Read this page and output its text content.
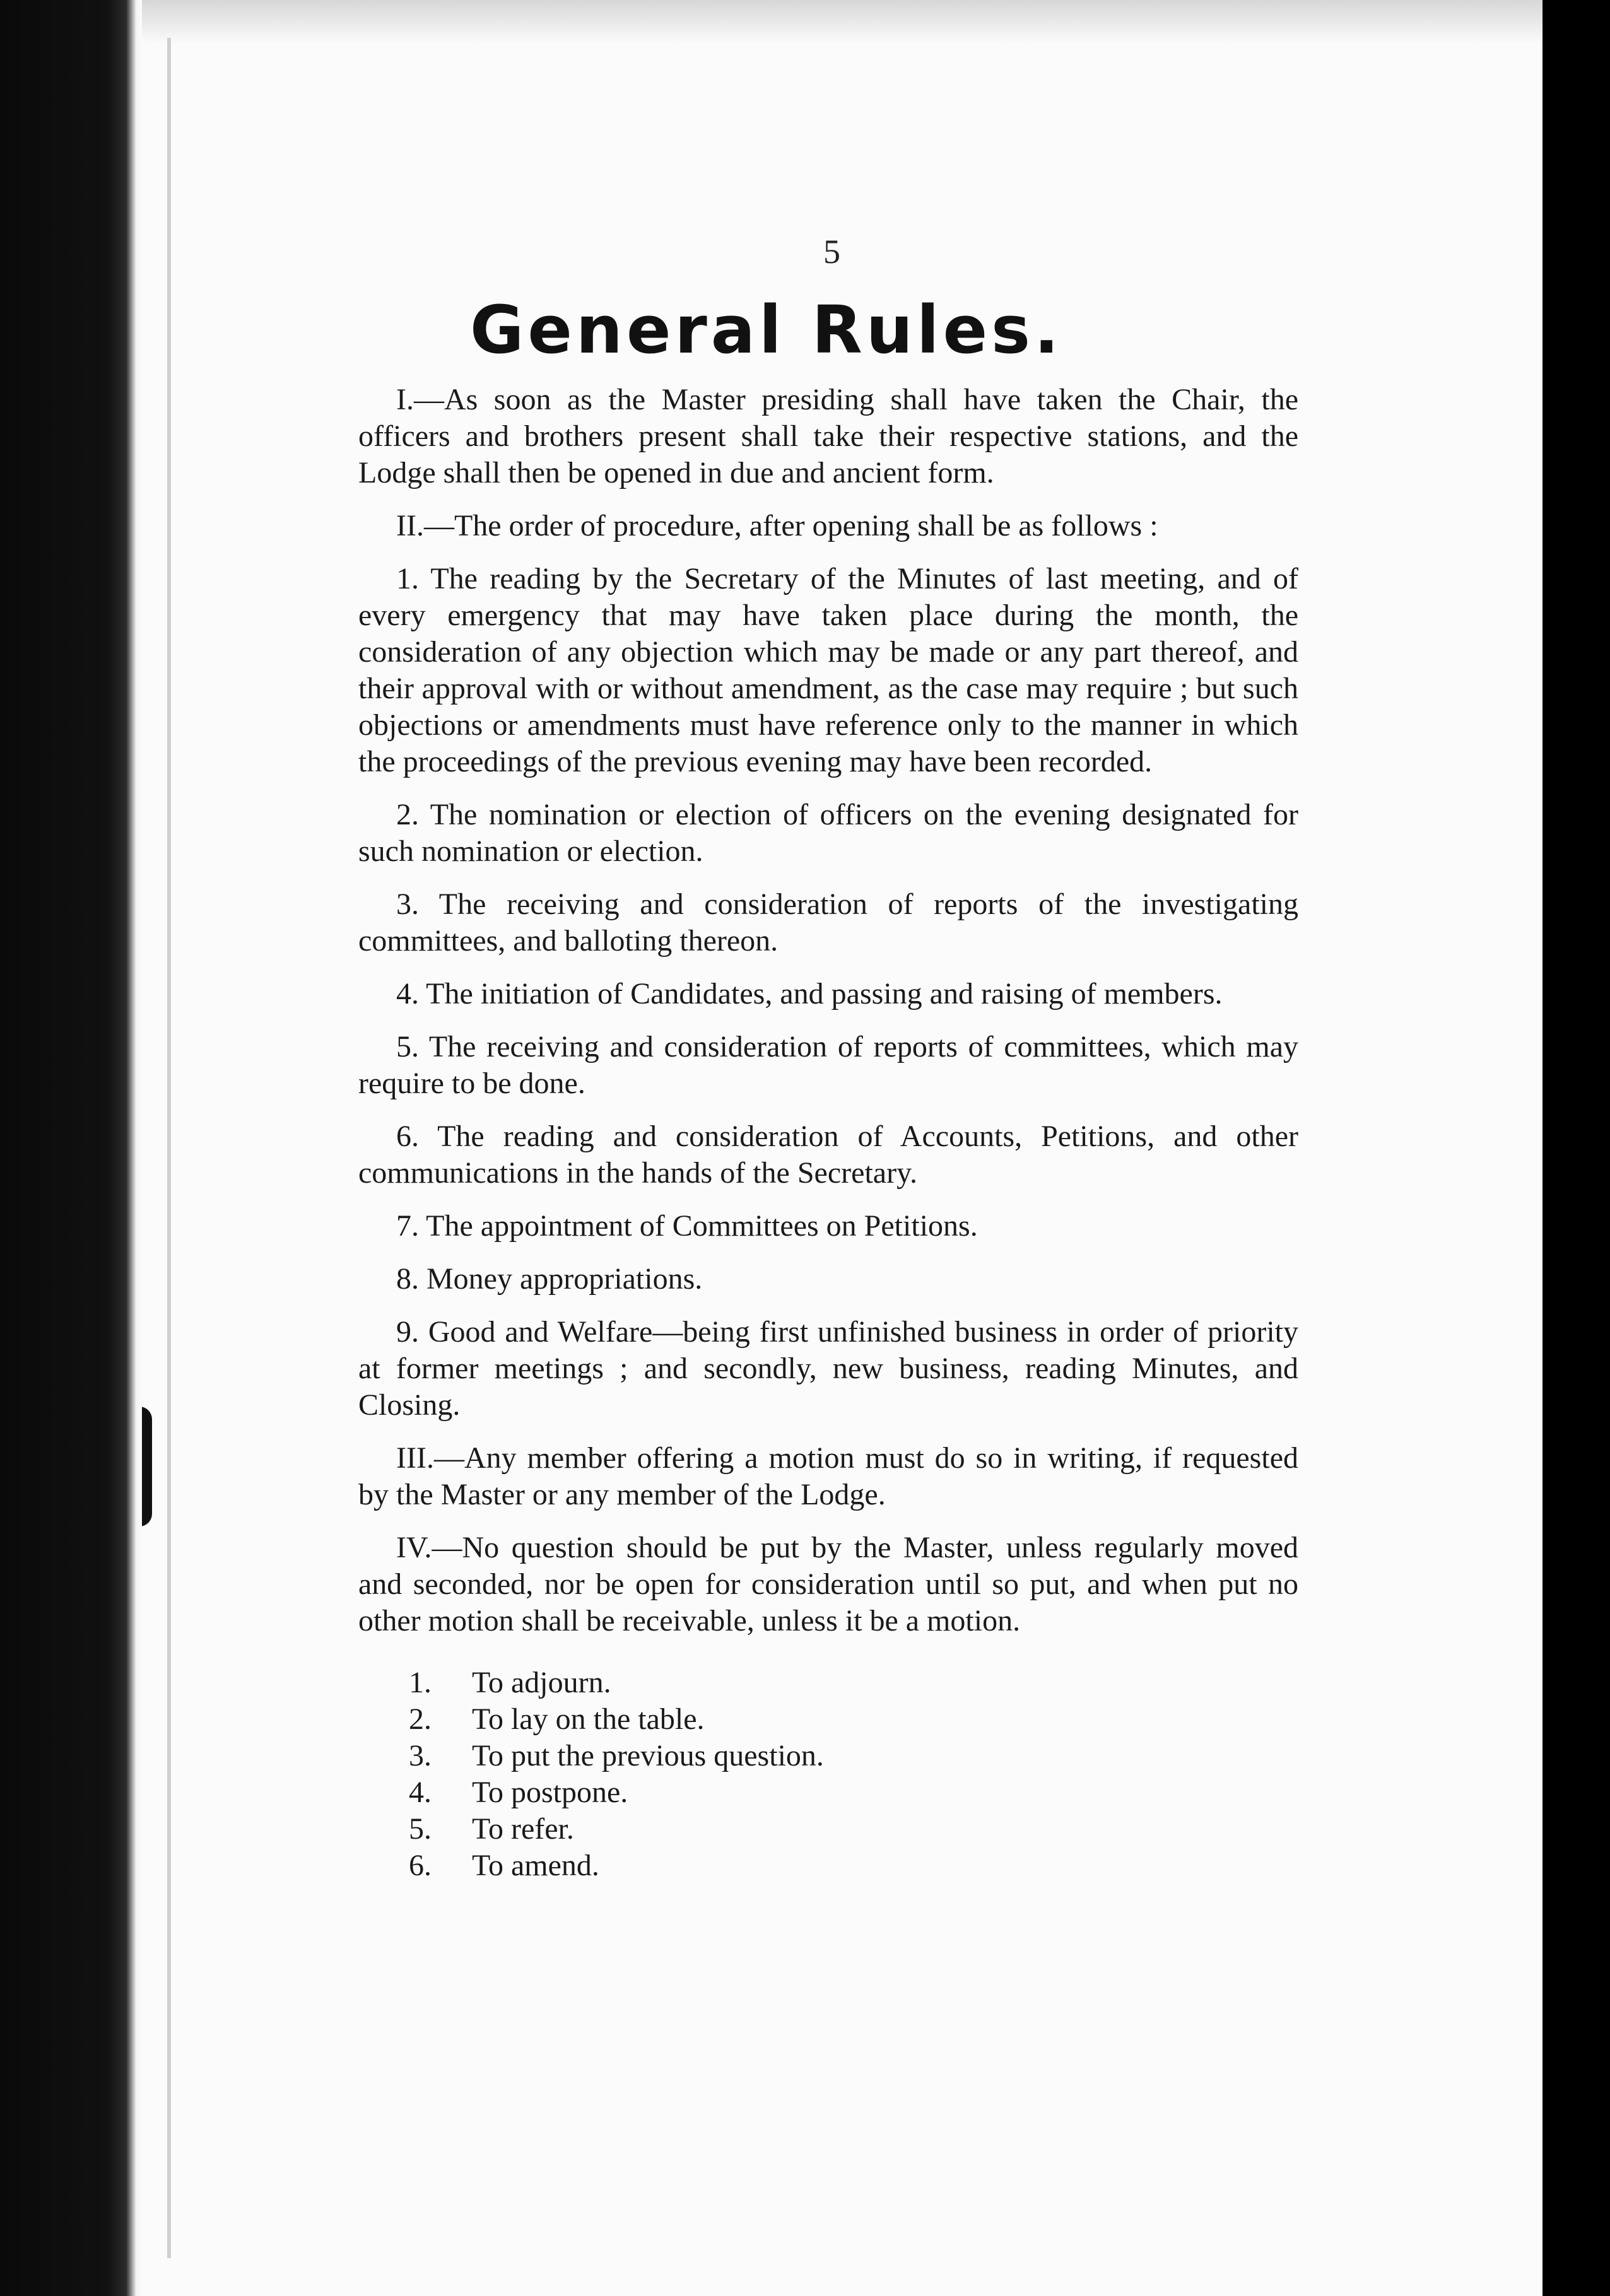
5
General Rules.

I.—As soon as the Master presiding shall have taken the Chair, the officers and brothers present shall take their respective stations, and the Lodge shall then be opened in due and ancient form.

II.—The order of procedure, after opening shall be as follows :

1. The reading by the Secretary of the Minutes of last meeting, and of every emergency that may have taken place during the month, the consideration of any objection which may be made or any part thereof, and their approval with or without amendment, as the case may require ; but such objections or amendments must have reference only to the manner in which the proceedings of the previous evening may have been recorded.

2. The nomination or election of officers on the evening designated for such nomination or election.

3. The receiving and consideration of reports of the investigating committees, and balloting thereon.

4. The initiation of Candidates, and passing and raising of members.

5. The receiving and consideration of reports of committees, which may require to be done.

6. The reading and consideration of Accounts, Petitions, and other communications in the hands of the Secretary.

7. The appointment of Committees on Petitions.

8. Money appropriations.

9. Good and Welfare—being first unfinished business in order of priority at former meetings ; and secondly, new business, reading Minutes, and Closing.

III.—Any member offering a motion must do so in writing, if requested by the Master or any member of the Lodge.

IV.—No question should be put by the Master, unless regularly moved and seconded, nor be open for consideration until so put, and when put no other motion shall be receivable, unless it be a motion.

1.	To adjourn.
2.	To lay on the table.
3.	To put the previous question.
4.	To postpone.
5.	To refer.
6.	To amend.
